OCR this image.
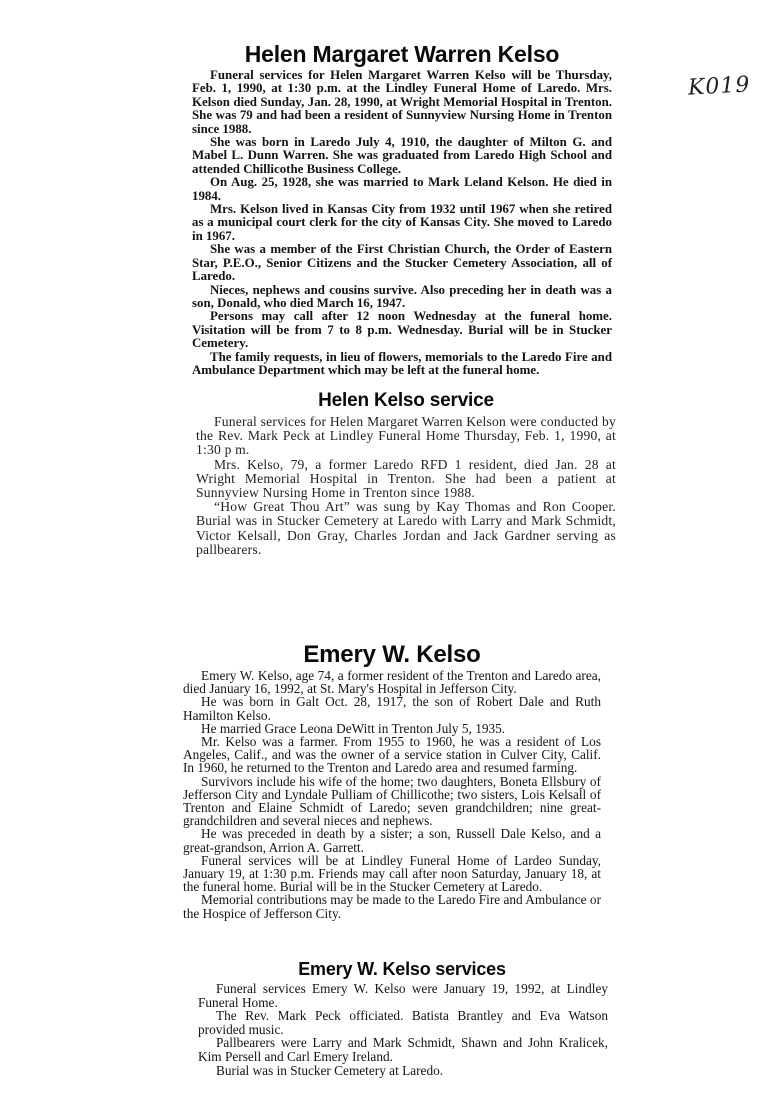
K019
Helen Margaret Warren Kelso

Funeral services for Helen Margaret Warren Kelso will be Thursday, Feb. 1, 1990, at 1:30 p.m. at the Lindley Funeral Home of Laredo. Mrs. Kelson died Sunday, Jan. 28, 1990, at Wright Memorial Hospital in Trenton. She was 79 and had been a resident of Sunnyview Nursing Home in Trenton since 1988.

She was born in Laredo July 4, 1910, the daughter of Milton G. and Mabel L. Dunn Warren. She was graduated from Laredo High School and attended Chillicothe Business College.

On Aug. 25, 1928, she was married to Mark Leland Kelson. He died in 1984.

Mrs. Kelson lived in Kansas City from 1932 until 1967 when she retired as a municipal court clerk for the city of Kansas City. She moved to Laredo in 1967.

She was a member of the First Christian Church, the Order of Eastern Star, P.E.O., Senior Citizens and the Stucker Cemetery Association, all of Laredo.

Nieces, nephews and cousins survive. Also preceding her in death was a son, Donald, who died March 16, 1947.

Persons may call after 12 noon Wednesday at the funeral home. Visitation will be from 7 to 8 p.m. Wednesday. Burial will be in Stucker Cemetery.

The family requests, in lieu of flowers, memorials to the Laredo Fire and Ambulance Department which may be left at the funeral home.

Helen Kelso service

Funeral services for Helen Margaret Warren Kelson were conducted by the Rev. Mark Peck at Lindley Funeral Home Thursday, Feb. 1, 1990, at 1:30 p m.

Mrs. Kelso, 79, a former Laredo RFD 1 resident, died Jan. 28 at Wright Memorial Hospital in Trenton. She had been a patient at Sunnyview Nursing Home in Trenton since 1988.

“How Great Thou Art” was sung by Kay Thomas and Ron Cooper. Burial was in Stucker Cemetery at Laredo with Larry and Mark Schmidt, Victor Kelsall, Don Gray, Charles Jordan and Jack Gardner serving as pallbearers.

Emery W. Kelso

Emery W. Kelso, age 74, a former resident of the Trenton and Laredo area, died January 16, 1992, at St. Mary's Hospital in Jefferson City.

He was born in Galt Oct. 28, 1917, the son of Robert Dale and Ruth Hamilton Kelso.

He married Grace Leona DeWitt in Trenton July 5, 1935.

Mr. Kelso was a farmer. From 1955 to 1960, he was a resident of Los Angeles, Calif., and was the owner of a service station in Culver City, Calif. In 1960, he returned to the Trenton and Laredo area and resumed farming.

Survivors include his wife of the home; two daughters, Boneta Ellsbury of Jefferson City and Lyndale Pulliam of Chillicothe; two sisters, Lois Kelsall of Trenton and Elaine Schmidt of Laredo; seven grandchildren; nine great-grandchildren and several nieces and nephews.

He was preceded in death by a sister; a son, Russell Dale Kelso, and a great-grandson, Arrion A. Garrett.

Funeral services will be at Lindley Funeral Home of Lardeo Sunday, January 19, at 1:30 p.m. Friends may call after noon Saturday, January 18, at the funeral home. Burial will be in the Stucker Cemetery at Laredo.

Memorial contributions may be made to the Laredo Fire and Ambulance or the Hospice of Jefferson City.

Emery W. Kelso services

Funeral services Emery W. Kelso were January 19, 1992, at Lindley Funeral Home.

The Rev. Mark Peck officiated. Batista Brantley and Eva Watson provided music.

Pallbearers were Larry and Mark Schmidt, Shawn and John Kralicek, Kim Persell and Carl Emery Ireland.

Burial was in Stucker Cemetery at Laredo.
